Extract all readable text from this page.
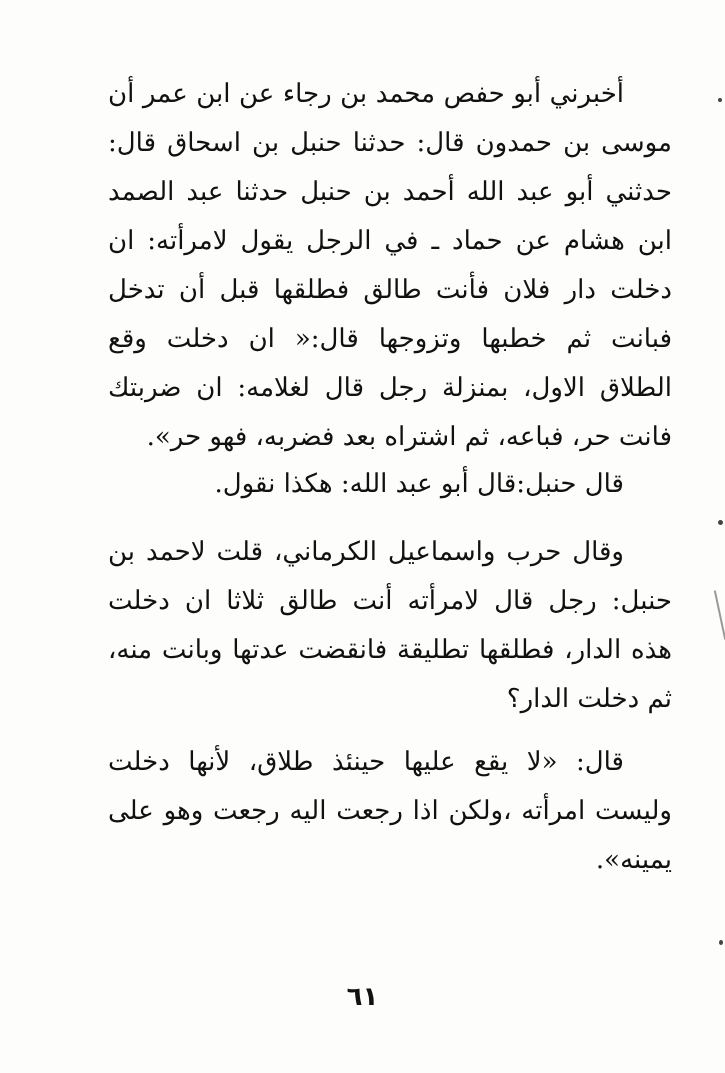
أخبرني أبو حفص محمد بن رجاء عن ابن عمر أن
موسى بن حمدون قال: حدثنا حنبل بن اسحاق قال:
حدثني أبو عبد الله أحمد بن حنبل حدثنا عبد الصمد
ابن هشام عن حماد ـ في الرجل يقول لامرأته: ان
دخلت دار فلان فأنت طالق فطلقها قبل أن تدخل
فبانت ثم خطبها وتزوجها قال:« ان دخلت وقع
الطلاق الاول، بمنزلة رجل قال لغلامه: ان ضربتك
فانت حر، فباعه، ثم اشتراه بعد فضربه، فهو حر».
قال حنبل:قال أبو عبد الله: هكذا نقول.
وقال حرب واسماعيل الكرماني، قلت لاحمد بن
حنبل: رجل قال لامرأته أنت طالق ثلاثا ان دخلت
هذه الدار، فطلقها تطليقة فانقضت عدتها وبانت منه،
ثم دخلت الدار؟
قال: «لا يقع عليها حينئذ طلاق، لأنها دخلت
وليست امرأته ،ولكن اذا رجعت اليه رجعت وهو على
يمينه».
٦١
